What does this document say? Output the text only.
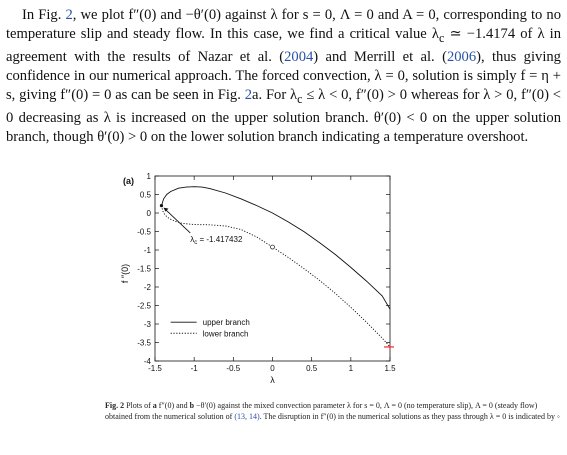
In Fig. 2, we plot f″(0) and −θ′(0) against λ for s = 0, Λ = 0 and A = 0, corresponding to no temperature slip and steady flow. In this case, we find a critical value $\lambda_c$ ≃ −1.4174 of λ in agreement with the results of Nazar et al. (2004) and Merrill et al. (2006), thus giving confidence in our numerical approach. The forced convection, λ = 0, solution is simply f = η + s, giving f″(0) = 0 as can be seen in Fig. 2a. For $\lambda_c \le \lambda < 0$, f″(0) > 0 whereas for λ > 0, f″(0) < 0 decreasing as λ is increased on the upper solution branch. θ′(0) < 0 on the upper solution branch, though θ′(0) > 0 on the lower solution branch indicating a temperature overshoot.
-1.5	-1	-0.5	0	0.5	1	1.5
-4
-3.5
-3
-2.5
-2
-1.5
-1
-0.5
0
0.5
1
λ
f ″(0)
(a)
$\lambda_c = -1.417432$
upper branch
lower branch
Fig. 2 Plots of a f″(0) and b −θ′(0) against the mixed convection parameter λ for s = 0, Λ = 0 (no temperature slip), A = 0 (steady flow) obtained from the numerical solution of (13, 14). The disruption in f″(0) in the numerical solutions as they pass through λ = 0 is indicated by ◦
